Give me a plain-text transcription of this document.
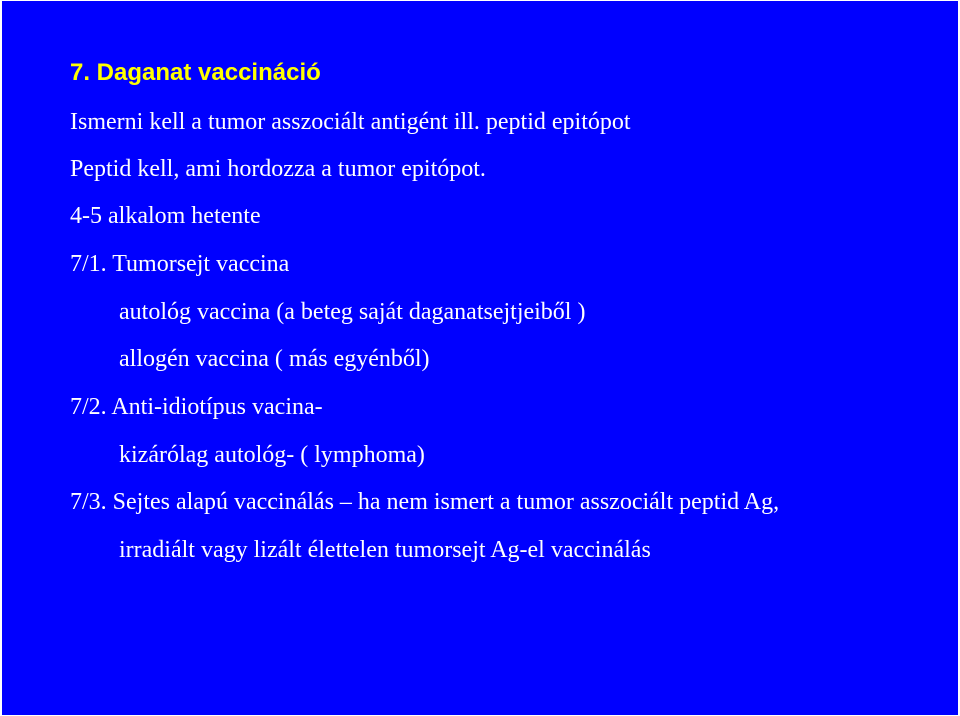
7. Daganat vaccináció

Ismerni kell a tumor asszociált antigént ill. peptid epitópot

Peptid kell, ami hordozza a tumor epitópot.

4-5 alkalom hetente

7/1. Tumorsejt vaccina

autológ vaccina (a beteg saját daganatsejtjeiből )

allogén vaccina ( más egyénből)

7/2. Anti-idiotípus vacina-

kizárólag autológ- ( lymphoma)

7/3. Sejtes alapú vaccinálás – ha nem ismert a tumor asszociált peptid Ag,

irradiált vagy lizált élettelen tumorsejt Ag-el vaccinálás
